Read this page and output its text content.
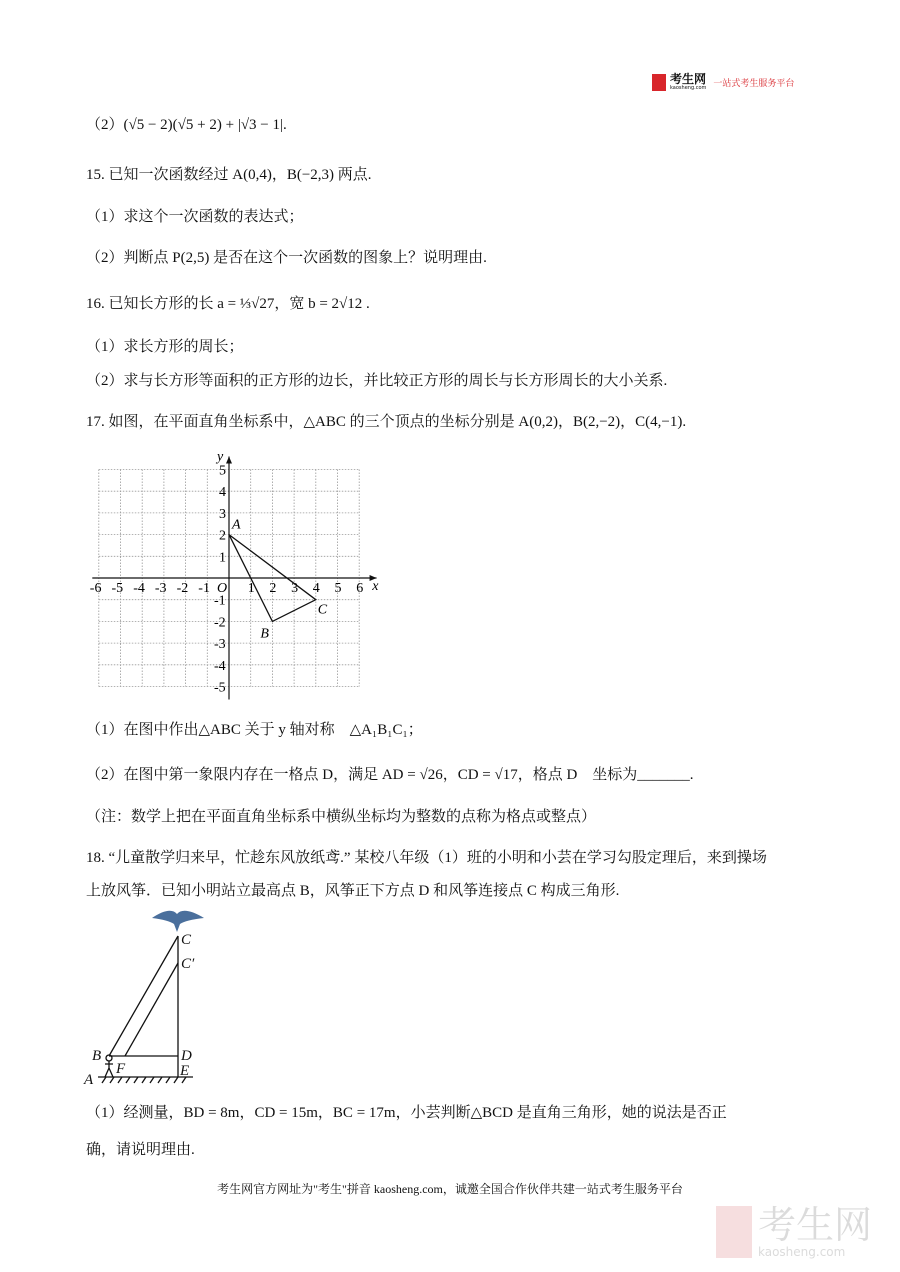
考生网
kaosheng.com 一站式考生服务平台
（2）(√5 − 2)(√5 + 2) + |√3 − 1|.
15. 已知一次函数经过 A(0,4)，B(−2,3) 两点.
（1）求这个一次函数的表达式；
（2）判断点 P(2,5) 是否在这个一次函数的图象上？说明理由.
16. 已知长方形的长 a = ⅓√27，宽 b = 2√12 .
（1）求长方形的周长；
（2）求与长方形等面积的正方形的边长，并比较正方形的周长与长方形周长的大小关系.
17. 如图，在平面直角坐标系中，△ABC 的三个顶点的坐标分别是 A(0,2)，B(2,−2)，C(4,−1).
x
y
O
-6 -5 -4 -3 -2 -1	1 2 3 4 5 6
5
4
3
2
1
-1
-2
-3
-4
-5
A
B
C
（1）在图中作出△ABC 关于 y 轴对称　△A₁B₁C₁；
（2）在图中第一象限内存在一格点 D，满足 AD = √26，CD = √17，格点 D　坐标为_______.
（注：数学上把在平面直角坐标系中横纵坐标均为整数的点称为格点或整点）
18. “儿童散学归来早，忙趁东风放纸鸢.” 某校八年级（1）班的小明和小芸在学习勾股定理后，来到操场
上放风筝．已知小明站立最高点 B，风筝正下方点 D 和风筝连接点 C 构成三角形.
C
C′
B	D
F
A
E
（1）经测量，BD = 8m，CD = 15m，BC = 17m，小芸判断△BCD 是直角三角形，她的说法是否正
确，请说明理由.
考生网官方网址为"考生"拼音 kaosheng.com，诚邀全国合作伙伴共建一站式考生服务平台
考生网
kaosheng.com
